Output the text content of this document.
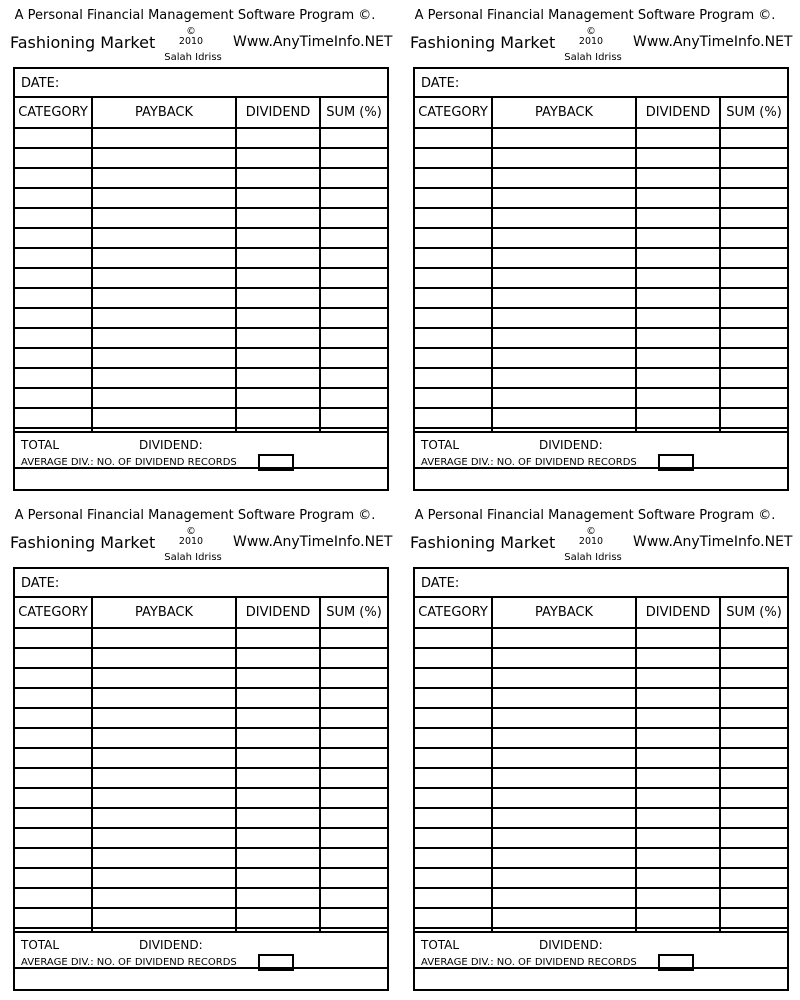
A Personal Financial Management Software Program ©.
Fashioning Market
©
2010
Salah Idriss
Www.AnyTimeInfo.NET
DATE:
CATEGORY	PAYBACK	DIVIDEND	SUM (%)
TOTAL	DIVIDEND:
AVERAGE DIV.: NO. OF DIVIDEND RECORDS
A Personal Financial Management Software Program ©.
Fashioning Market
©
2010
Salah Idriss
Www.AnyTimeInfo.NET
DATE:
CATEGORY	PAYBACK	DIVIDEND	SUM (%)
TOTAL	DIVIDEND:
AVERAGE DIV.: NO. OF DIVIDEND RECORDS
A Personal Financial Management Software Program ©.
Fashioning Market
©
2010
Salah Idriss
Www.AnyTimeInfo.NET
DATE:
CATEGORY	PAYBACK	DIVIDEND	SUM (%)
TOTAL	DIVIDEND:
AVERAGE DIV.: NO. OF DIVIDEND RECORDS
A Personal Financial Management Software Program ©.
Fashioning Market
©
2010
Salah Idriss
Www.AnyTimeInfo.NET
DATE:
CATEGORY	PAYBACK	DIVIDEND	SUM (%)
TOTAL	DIVIDEND:
AVERAGE DIV.: NO. OF DIVIDEND RECORDS
